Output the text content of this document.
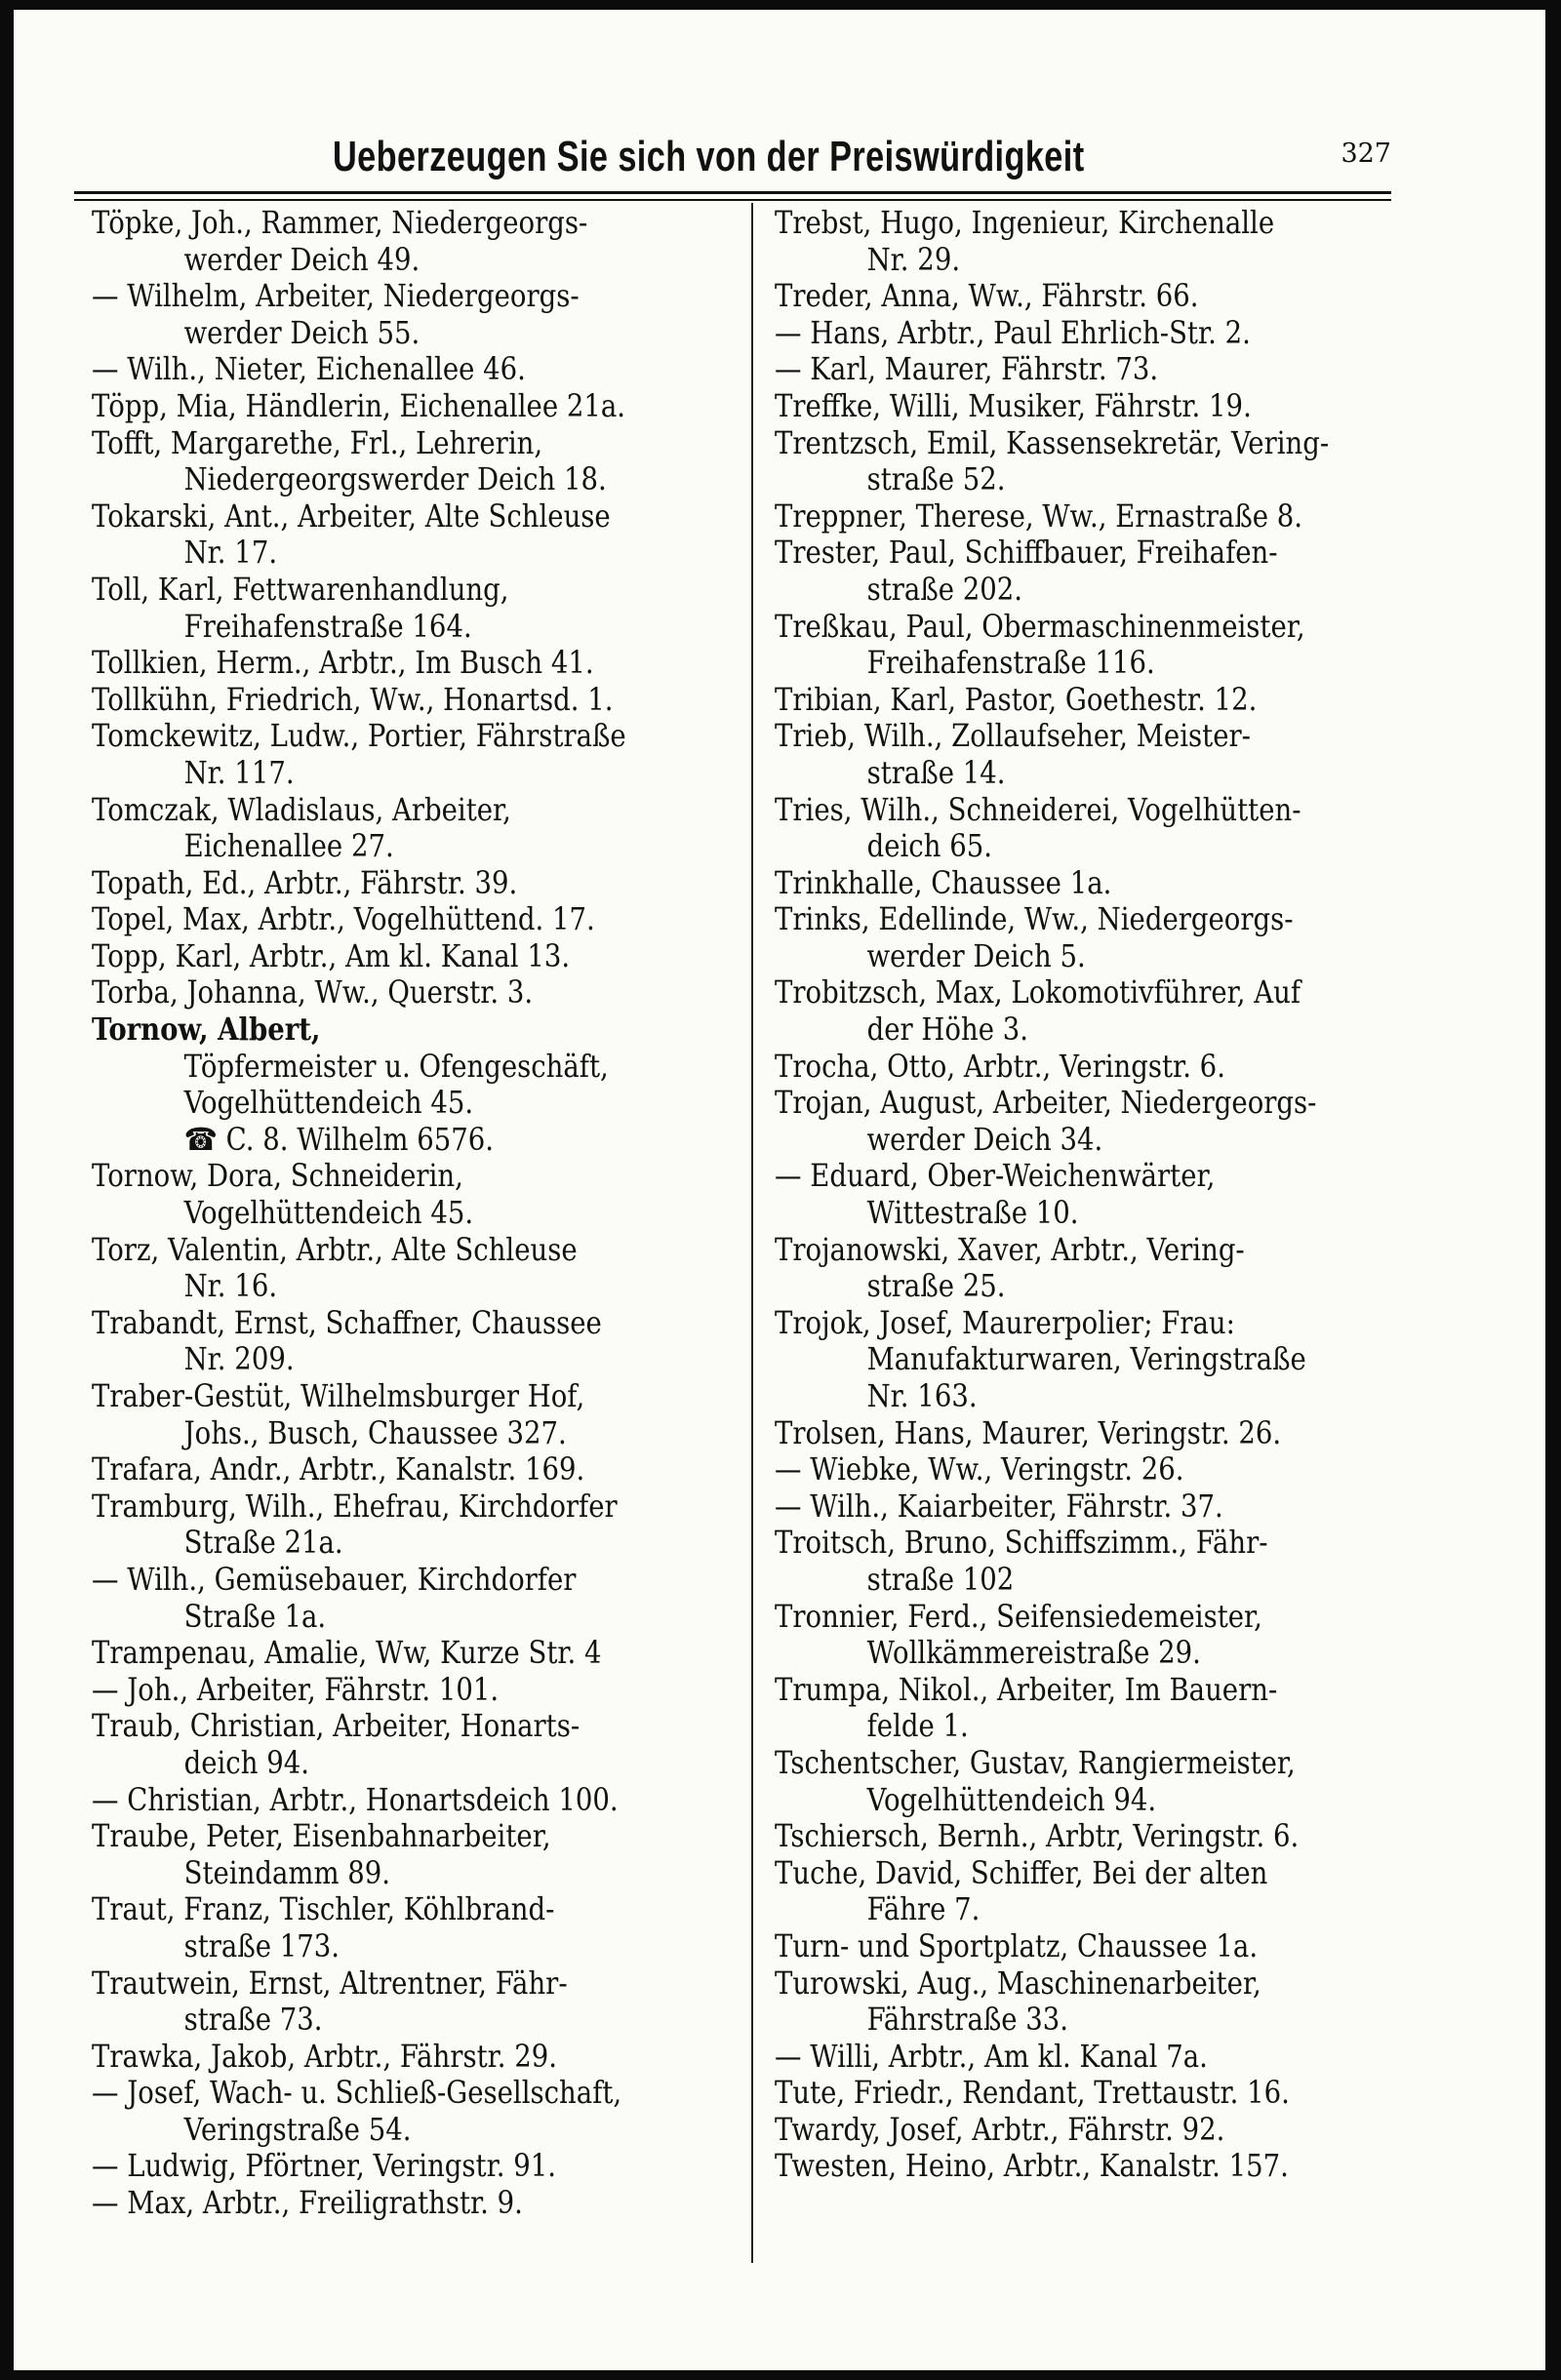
Ueberzeugen Sie sich von der Preiswürdigkeit	327
Töpke, Joh., Rammer, Niedergeorgs-
werder Deich 49.
— Wilhelm, Arbeiter, Niedergeorgs-
werder Deich 55.
— Wilh., Nieter, Eichenallee 46.
Töpp, Mia, Händlerin, Eichenallee 21a.
Tofft, Margarethe, Frl., Lehrerin,
Niedergeorgswerder Deich 18.
Tokarski, Ant., Arbeiter, Alte Schleuse
Nr. 17.
Toll, Karl, Fettwarenhandlung,
Freihafenstraße 164.
Tollkien, Herm., Arbtr., Im Busch 41.
Tollkühn, Friedrich, Ww., Honartsd. 1.
Tomckewitz, Ludw., Portier, Fährstraße
Nr. 117.
Tomczak, Wladislaus, Arbeiter,
Eichenallee 27.
Topath, Ed., Arbtr., Fährstr. 39.
Topel, Max, Arbtr., Vogelhüttend. 17.
Topp, Karl, Arbtr., Am kl. Kanal 13.
Torba, Johanna, Ww., Querstr. 3.
Tornow, Albert,
Töpfermeister u. Ofengeschäft,
Vogelhüttendeich 45.
☎ C. 8. Wilhelm 6576.
Tornow, Dora, Schneiderin,
Vogelhüttendeich 45.
Torz, Valentin, Arbtr., Alte Schleuse
Nr. 16.
Trabandt, Ernst, Schaffner, Chaussee
Nr. 209.
Traber-Gestüt, Wilhelmsburger Hof,
Johs., Busch, Chaussee 327.
Trafara, Andr., Arbtr., Kanalstr. 169.
Tramburg, Wilh., Ehefrau, Kirchdorfer
Straße 21a.
— Wilh., Gemüsebauer, Kirchdorfer
Straße 1a.
Trampenau, Amalie, Ww, Kurze Str. 4
— Joh., Arbeiter, Fährstr. 101.
Traub, Christian, Arbeiter, Honarts-
deich 94.
— Christian, Arbtr., Honartsdeich 100.
Traube, Peter, Eisenbahnarbeiter,
Steindamm 89.
Traut, Franz, Tischler, Köhlbrand-
straße 173.
Trautwein, Ernst, Altrentner, Fähr-
straße 73.
Trawka, Jakob, Arbtr., Fährstr. 29.
— Josef, Wach- u. Schließ-Gesellschaft,
Veringstraße 54.
— Ludwig, Pförtner, Veringstr. 91.
— Max, Arbtr., Freiligrathstr. 9.
Trebst, Hugo, Ingenieur, Kirchenalle
Nr. 29.
Treder, Anna, Ww., Fährstr. 66.
— Hans, Arbtr., Paul Ehrlich-Str. 2.
— Karl, Maurer, Fährstr. 73.
Treffke, Willi, Musiker, Fährstr. 19.
Trentzsch, Emil, Kassensekretär, Vering-
straße 52.
Treppner, Therese, Ww., Ernastraße 8.
Trester, Paul, Schiffbauer, Freihafen-
straße 202.
Treßkau, Paul, Obermaschinenmeister,
Freihafenstraße 116.
Tribian, Karl, Pastor, Goethestr. 12.
Trieb, Wilh., Zollaufseher, Meister-
straße 14.
Tries, Wilh., Schneiderei, Vogelhütten-
deich 65.
Trinkhalle, Chaussee 1a.
Trinks, Edellinde, Ww., Niedergeorgs-
werder Deich 5.
Trobitzsch, Max, Lokomotivführer, Auf
der Höhe 3.
Trocha, Otto, Arbtr., Veringstr. 6.
Trojan, August, Arbeiter, Niedergeorgs-
werder Deich 34.
— Eduard, Ober-Weichenwärter,
Wittestraße 10.
Trojanowski, Xaver, Arbtr., Vering-
straße 25.
Trojok, Josef, Maurerpolier; Frau:
Manufakturwaren, Veringstraße
Nr. 163.
Trolsen, Hans, Maurer, Veringstr. 26.
— Wiebke, Ww., Veringstr. 26.
— Wilh., Kaiarbeiter, Fährstr. 37.
Troitsch, Bruno, Schiffszimm., Fähr-
straße 102
Tronnier, Ferd., Seifensiedemeister,
Wollkämmereistraße 29.
Trumpa, Nikol., Arbeiter, Im Bauern-
felde 1.
Tschentscher, Gustav, Rangiermeister,
Vogelhüttendeich 94.
Tschiersch, Bernh., Arbtr, Veringstr. 6.
Tuche, David, Schiffer, Bei der alten
Fähre 7.
Turn- und Sportplatz, Chaussee 1a.
Turowski, Aug., Maschinenarbeiter,
Fährstraße 33.
— Willi, Arbtr., Am kl. Kanal 7a.
Tute, Friedr., Rendant, Trettaustr. 16.
Twardy, Josef, Arbtr., Fährstr. 92.
Twesten, Heino, Arbtr., Kanalstr. 157.
